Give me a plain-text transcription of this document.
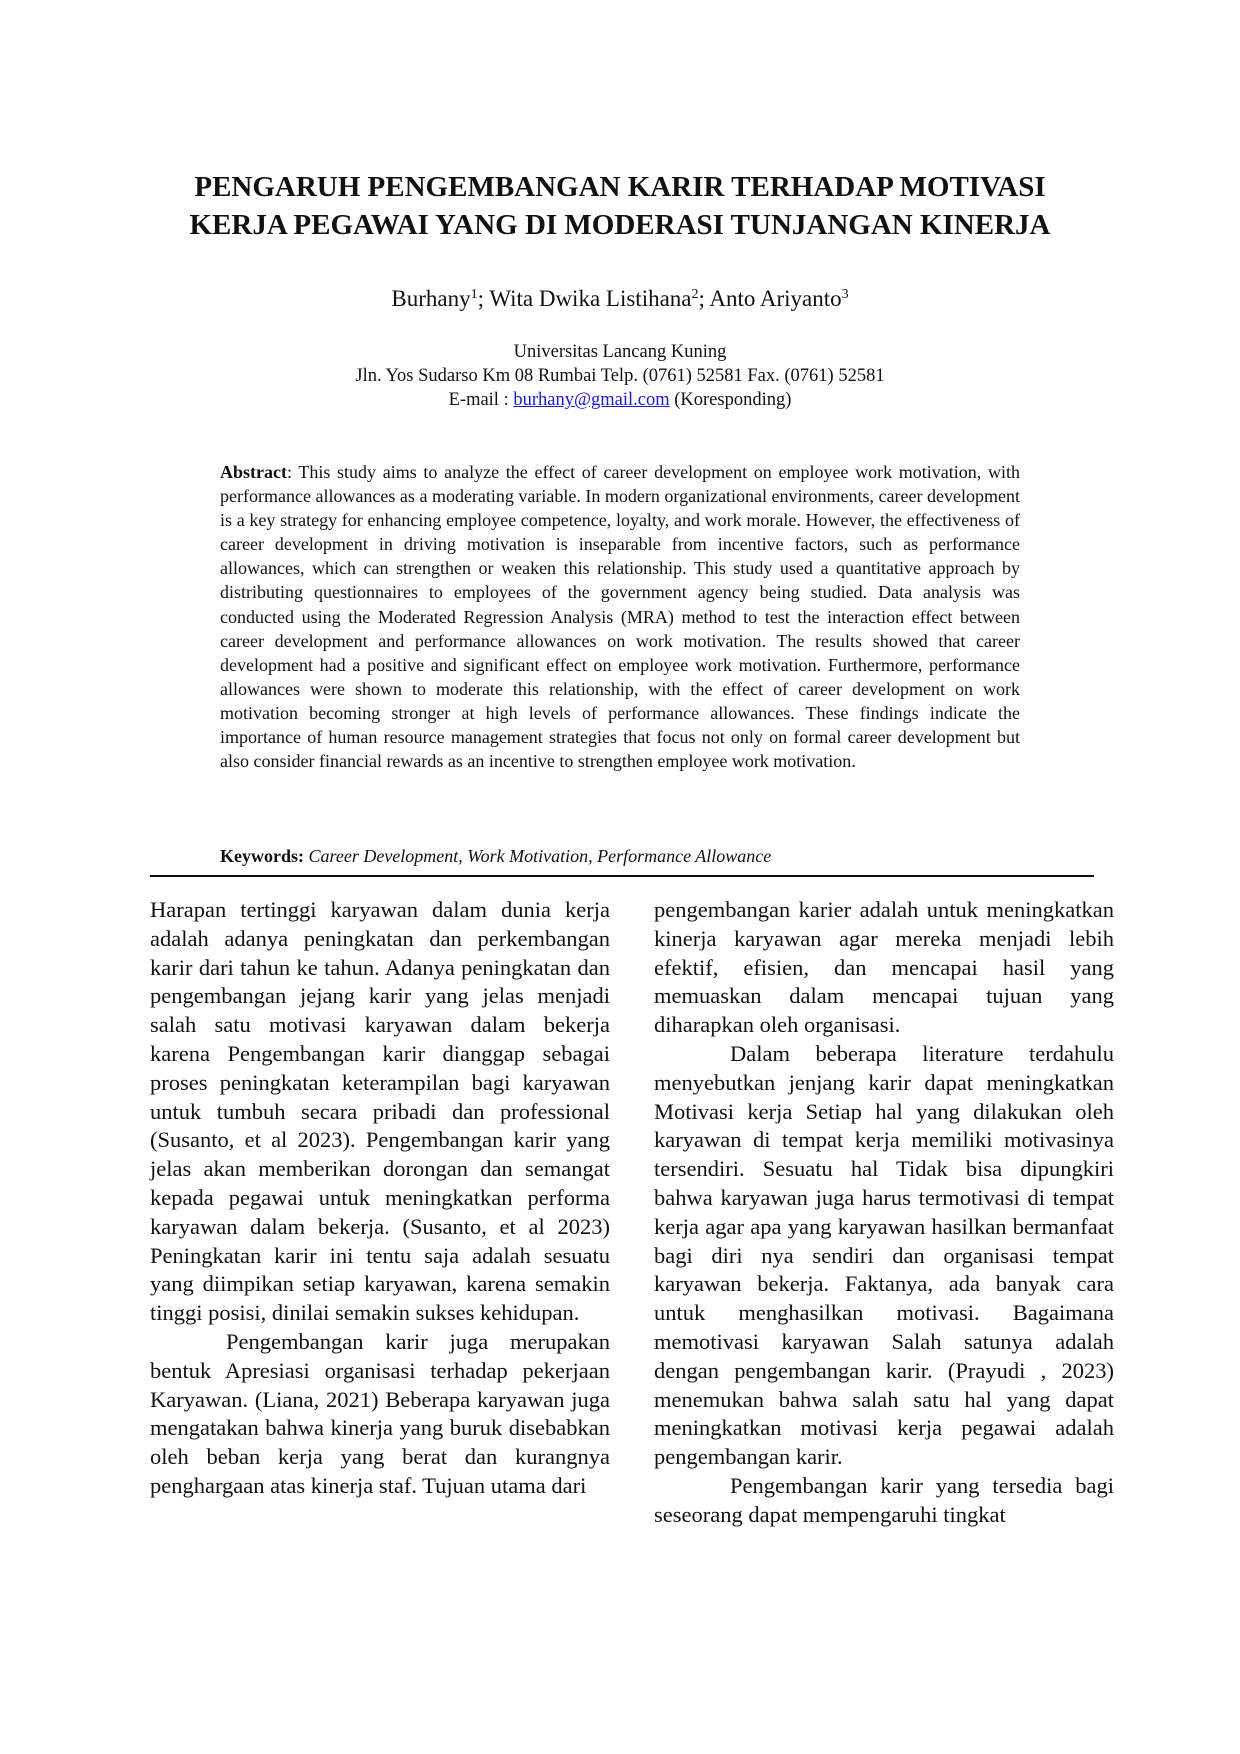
PENGARUH PENGEMBANGAN KARIR TERHADAP MOTIVASI
KERJA PEGAWAI YANG DI MODERASI TUNJANGAN KINERJA
Burhany$^1$; Wita Dwika Listihana$^2$; Anto Ariyanto$^3$
Universitas Lancang Kuning
Jln. Yos Sudarso Km 08 Rumbai Telp. (0761) 52581 Fax. (0761) 52581
E-mail : burhany@gmail.com (Koresponding)

Abstract: This study aims to analyze the effect of career development on employee work motivation, with performance allowances as a moderating variable. In modern organizational environments, career development is a key strategy for enhancing employee competence, loyalty, and work morale. However, the effectiveness of career development in driving motivation is inseparable from incentive factors, such as performance allowances, which can strengthen or weaken this relationship. This study used a quantitative approach by distributing questionnaires to employees of the government agency being studied. Data analysis was conducted using the Moderated Regression Analysis (MRA) method to test the interaction effect between career development and performance allowances on work motivation. The results showed that career development had a positive and significant effect on employee work motivation. Furthermore, performance allowances were shown to moderate this relationship, with the effect of career development on work motivation becoming stronger at high levels of performance allowances. These findings indicate the importance of human resource management strategies that focus not only on formal career development but also consider financial rewards as an incentive to strengthen employee work motivation.

Keywords: Career Development, Work Motivation, Performance Allowance

Harapan tertinggi karyawan dalam dunia kerja adalah adanya peningkatan dan perkembangan karir dari tahun ke tahun. Adanya peningkatan dan pengembangan jejang karir yang jelas menjadi salah satu motivasi karyawan dalam bekerja karena Pengembangan karir dianggap sebagai proses peningkatan keterampilan bagi karyawan untuk tumbuh secara pribadi dan professional (Susanto, et al 2023). Pengembangan karir yang jelas akan memberikan dorongan dan semangat kepada pegawai untuk meningkatkan performa karyawan dalam bekerja. (Susanto, et al 2023) Peningkatan karir ini tentu saja adalah sesuatu yang diimpikan setiap karyawan, karena semakin tinggi posisi, dinilai semakin sukses kehidupan.

Pengembangan karir juga merupakan bentuk Apresiasi organisasi terhadap pekerjaan Karyawan. (Liana, 2021) Beberapa karyawan juga mengatakan bahwa kinerja yang buruk disebabkan oleh beban kerja yang berat dan kurangnya penghargaan atas kinerja staf. Tujuan utama dari

pengembangan karier adalah untuk meningkatkan kinerja karyawan agar mereka menjadi lebih efektif, efisien, dan mencapai hasil yang memuaskan dalam mencapai tujuan yang diharapkan oleh organisasi.

Dalam beberapa literature terdahulu menyebutkan jenjang karir dapat meningkatkan Motivasi kerja Setiap hal yang dilakukan oleh karyawan di tempat kerja memiliki motivasinya tersendiri. Sesuatu hal Tidak bisa dipungkiri bahwa karyawan juga harus termotivasi di tempat kerja agar apa yang karyawan hasilkan bermanfaat bagi diri nya sendiri dan organisasi tempat karyawan bekerja. Faktanya, ada banyak cara untuk menghasilkan motivasi. Bagaimana memotivasi karyawan Salah satunya adalah dengan pengembangan karir. (Prayudi , 2023) menemukan bahwa salah satu hal yang dapat meningkatkan motivasi kerja pegawai adalah pengembangan karir.

Pengembangan karir yang tersedia bagi seseorang dapat mempengaruhi tingkat
